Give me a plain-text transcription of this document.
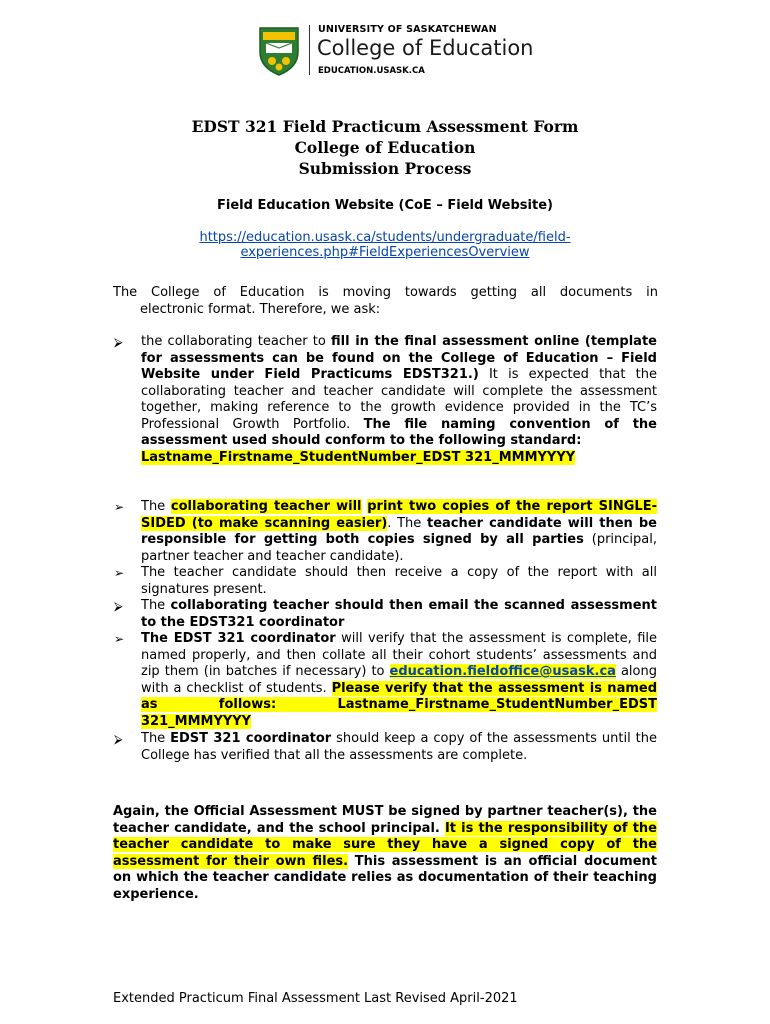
UNIVERSITY OF SASKATCHEWAN
College of Education
EDUCATION.USASK.CA
EDST 321 Field Practicum Assessment Form
College of Education
Submission Process
Field Education Website (CoE – Field Website)
https://education.usask.ca/students/undergraduate/field-
experiences.php#FieldExperiencesOverview
The College of Education is moving towards getting all documents in
electronic format. Therefore, we ask:
⮚ the collaborating teacher to fill in the final assessment online (template for assessments can be found on the College of Education – Field Website under Field Practicums EDST321.) It is expected that the collaborating teacher and teacher candidate will complete the assessment together, making reference to the growth evidence provided in the TC’s Professional Growth Portfolio. The file naming convention of the assessment used should conform to the following standard:
Lastname_Firstname_StudentNumber_EDST 321_MMMYYYY
➢ The collaborating teacher will print two copies of the report SINGLE-SIDED (to make scanning easier). The teacher candidate will then be responsible for getting both copies signed by all parties (principal, partner teacher and teacher candidate).
➢ The teacher candidate should then receive a copy of the report with all signatures present.
⮚ The collaborating teacher should then email the scanned assessment to the EDST321 coordinator
➢ The EDST 321 coordinator will verify that the assessment is complete, file named properly, and then collate all their cohort students’ assessments and zip them (in batches if necessary) to education.fieldoffice@usask.ca along with a checklist of students. Please verify that the assessment is named as follows: Lastname_Firstname_StudentNumber_EDST 321_MMMYYYY
⮚ The EDST 321 coordinator should keep a copy of the assessments until the College has verified that all the assessments are complete.
Again, the Official Assessment MUST be signed by partner teacher(s), the teacher candidate, and the school principal. It is the responsibility of the teacher candidate to make sure they have a signed copy of the assessment for their own files. This assessment is an official document on which the teacher candidate relies as documentation of their teaching experience.
Extended Practicum Final Assessment Last Revised April-2021
